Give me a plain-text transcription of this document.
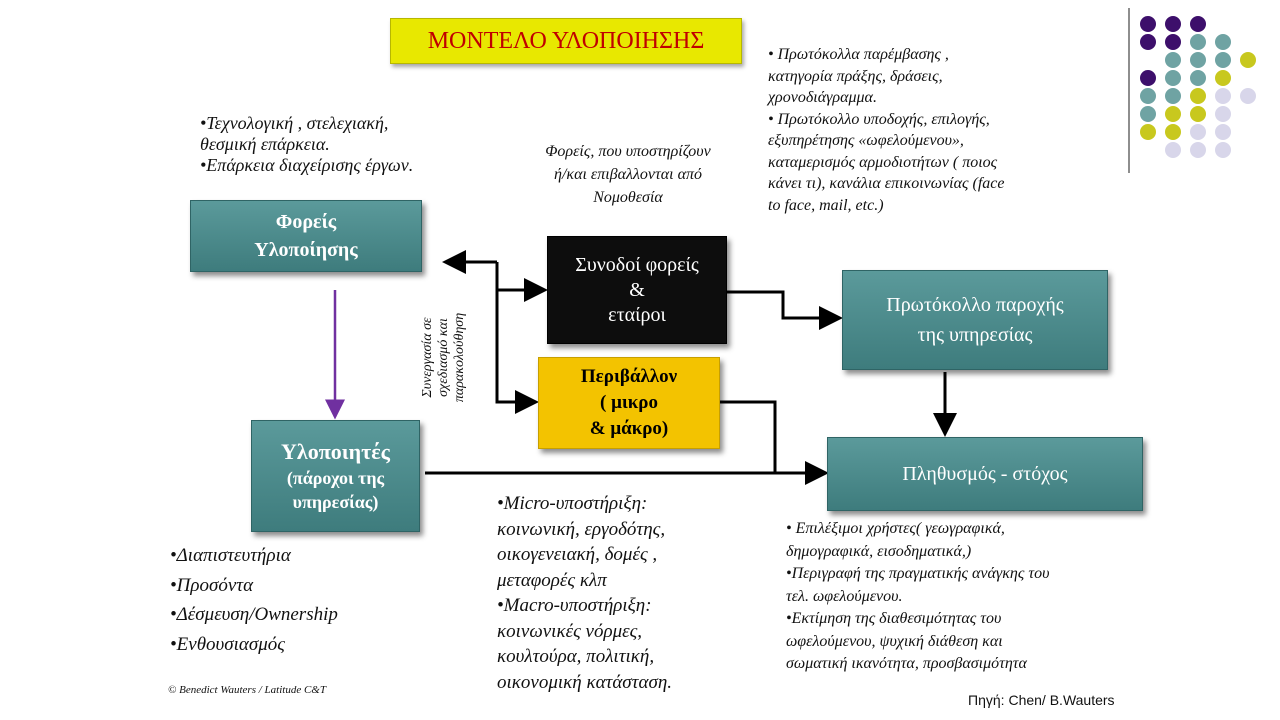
ΜΟΝΤΕΛΟ ΥΛΟΠΟΙΗΣΗΣ
Φορείς
Υλοποίησης
Συνοδοί φορείς
&
εταίροι
Περιβάλλον
( μικρο
& μάκρο)
Πρωτόκολλο παροχής
της υπηρεσίας
Υλοποιητές
(πάροχοι της
υπηρεσίας)
Πληθυσμός - στόχος
•Τεχνολογική , στελεχιακή,
θεσμική επάρκεια.
•Επάρκεια διαχείρισης έργων.
Φορείς, που υποστηρίζουν
ή/και επιβαλλονται από
Νομοθεσία
• Πρωτόκολλα παρέμβασης ,
κατηγορία πράξης, δράσεις,
χρονοδιάγραμμα.
• Πρωτόκολλο υποδοχής, επιλογής,
εξυπηρέτησης «ωφελούμενου»,
καταμερισμός αρμοδιοτήτων ( ποιος
κάνει τι), κανάλια επικοινωνίας (face
to face, mail, etc.)
Συνεργασία σε σχεδιασμό και παρακολούθηση
•Διαπιστευτήρια
•Προσόντα
•Δέσμευση/Ownership
•Ενθουσιασμός
•Micro-υποστήριξη:
κοινωνική, εργοδότης,
οικογενειακή, δομές ,
μεταφορές κλπ
•Macro-υποστήριξη:
κοινωνικές νόρμες,
κουλτούρα, πολιτική,
οικονομική κατάσταση.
• Επιλέξιμοι χρήστες( γεωγραφικά,
δημογραφικά, εισοδηματικά,)
•Περιγραφή της πραγματικής ανάγκης του
τελ. ωφελούμενου.
•Εκτίμηση της διαθεσιμότητας του
ωφελούμενου, ψυχική διάθεση και
σωματική ικανότητα, προσβασιμότητα
© Benedict Wauters / Latitude C&T
Πηγή: Chen/ B.Wauters
